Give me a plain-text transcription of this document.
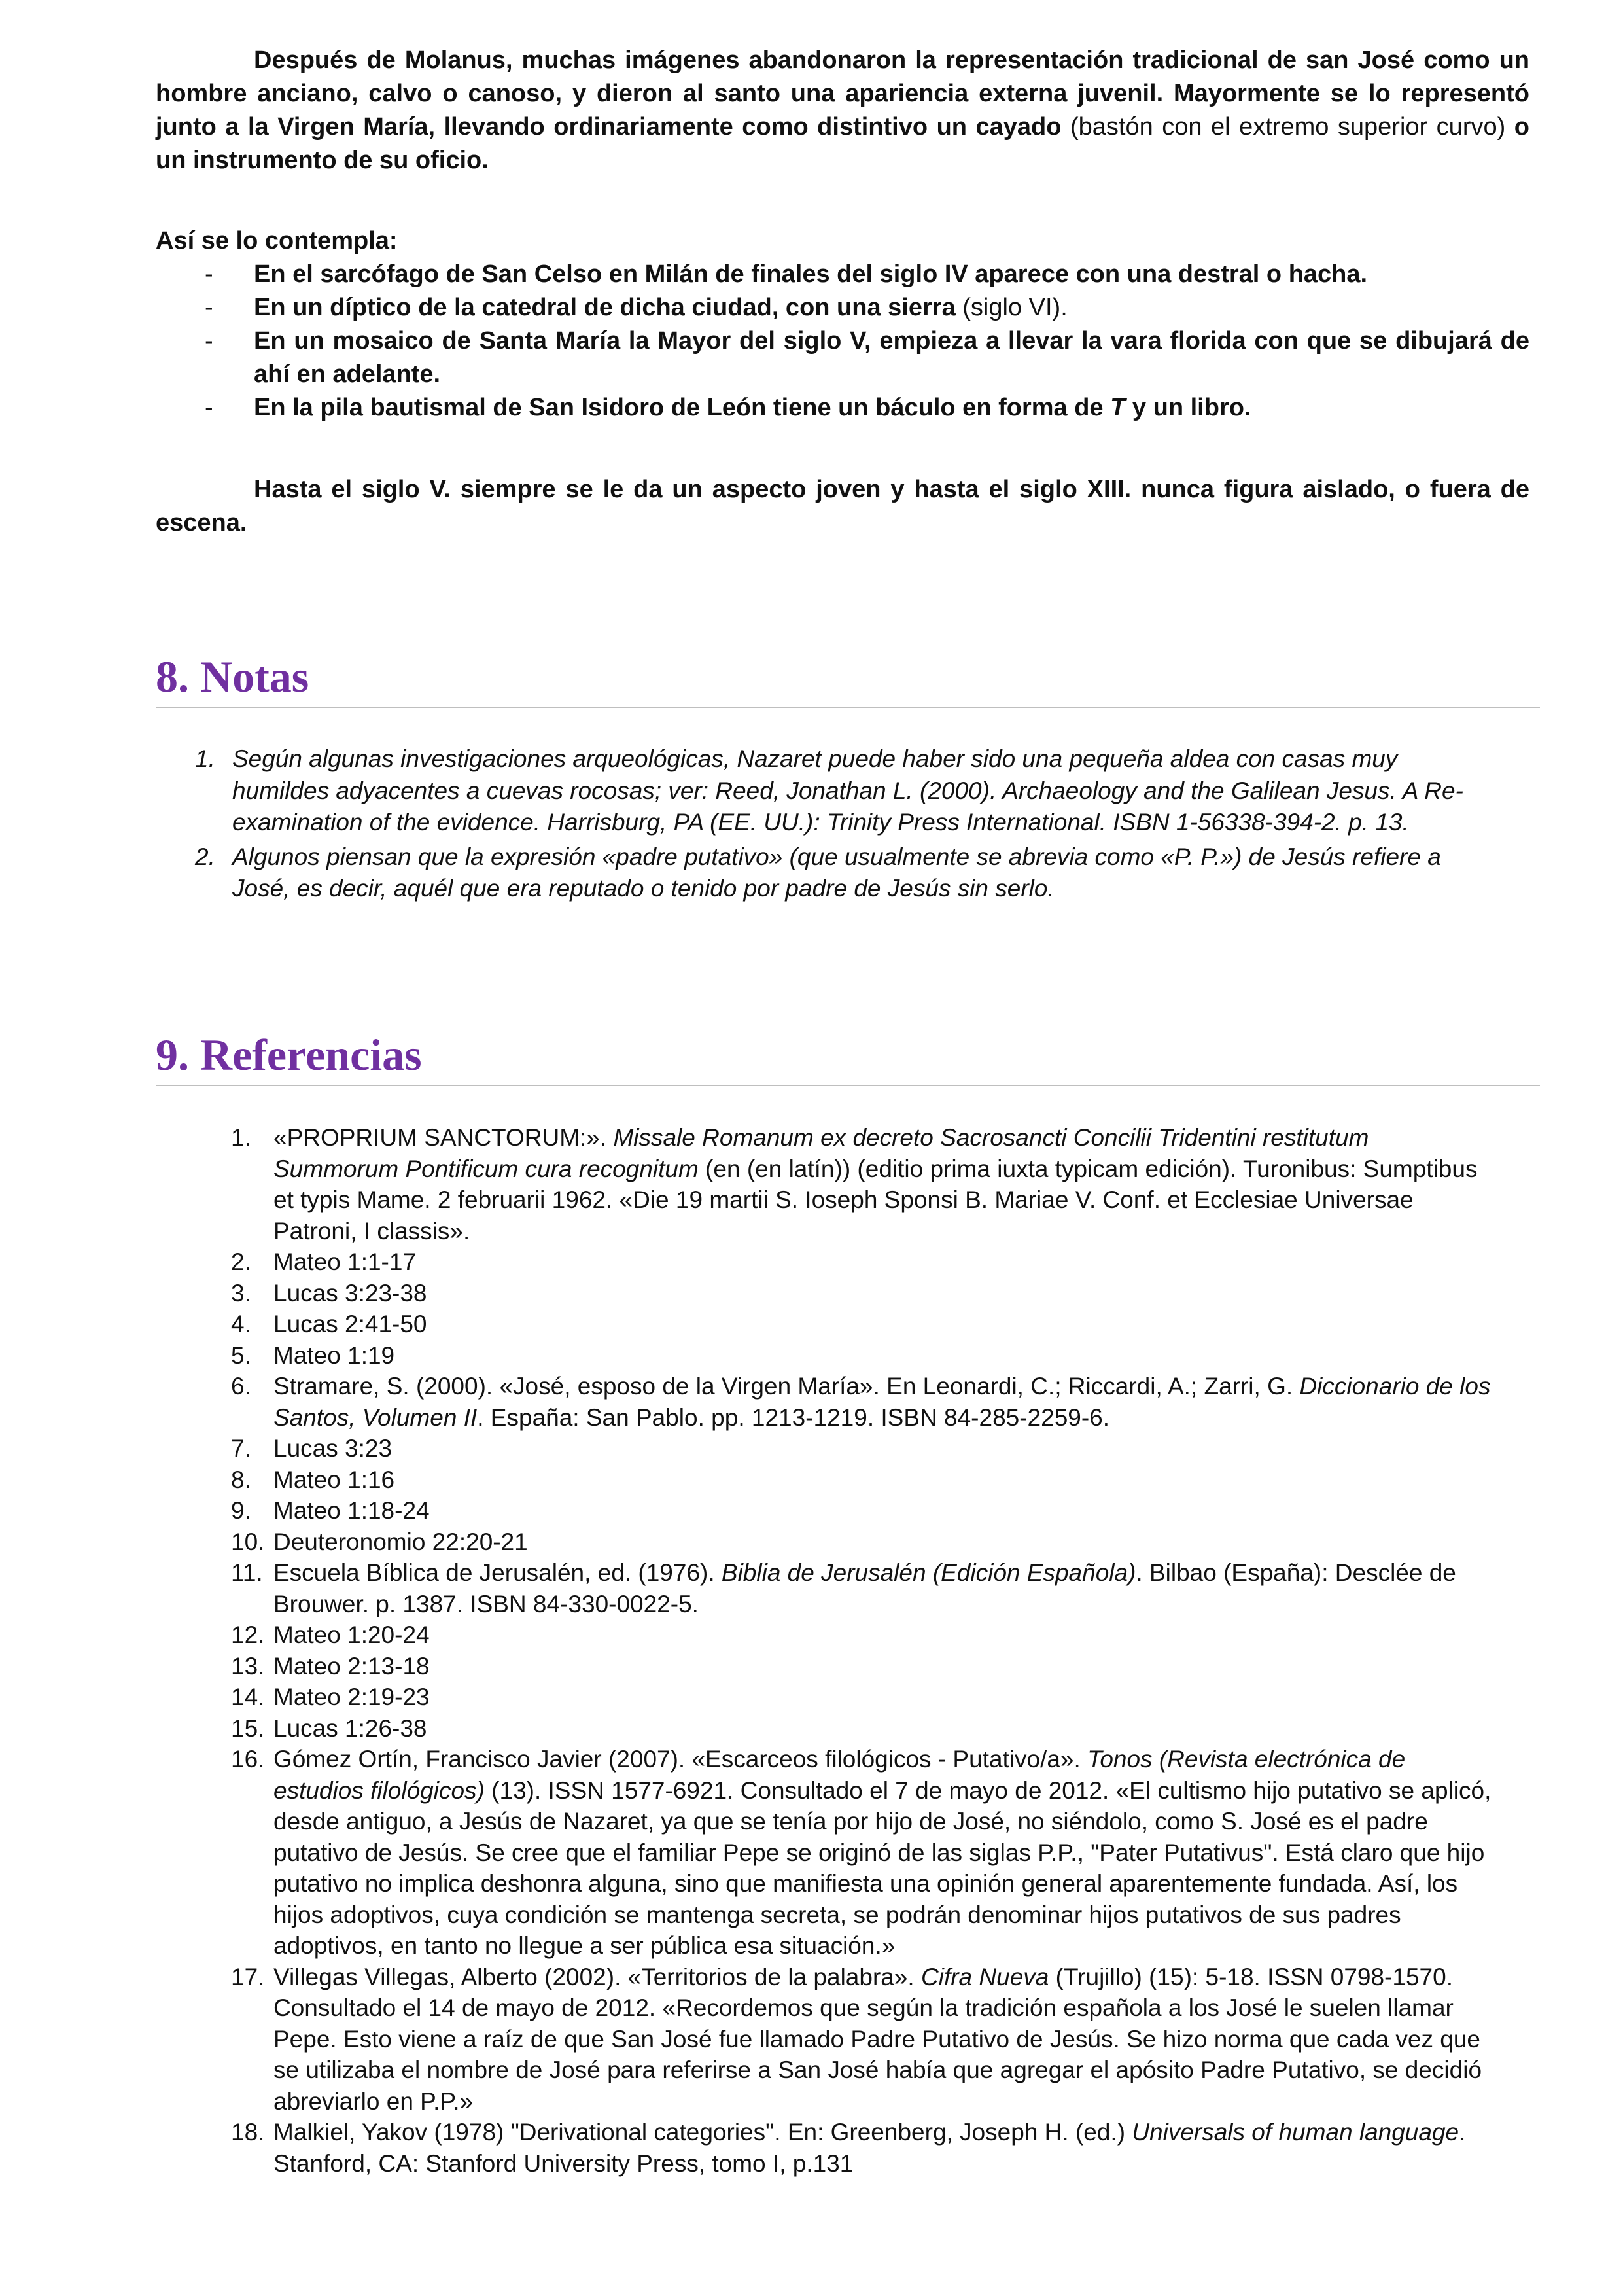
Después de Molanus, muchas imágenes abandonaron la representación tradicional de san José como un hombre anciano, calvo o canoso, y dieron al santo una apariencia externa juvenil. Mayormente se lo representó junto a la Virgen María, llevando ordinariamente como distintivo un cayado (bastón con el extremo superior curvo) o un instrumento de su oficio.

Así se lo contempla:

- En el sarcófago de San Celso en Milán de finales del siglo IV aparece con una destral o hacha.
- En un díptico de la catedral de dicha ciudad, con una sierra (siglo VI).
- En un mosaico de Santa María la Mayor del siglo V, empieza a llevar la vara florida con que se dibujará de ahí en adelante.
- En la pila bautismal de San Isidoro de León tiene un báculo en forma de T y un libro.

Hasta el siglo V. siempre se le da un aspecto joven y hasta el siglo XIII. nunca figura aislado, o fuera de escena.

8. Notas
1. Según algunas investigaciones arqueológicas, Nazaret puede haber sido una pequeña aldea con casas muy humildes adyacentes a cuevas rocosas; ver: Reed, Jonathan L. (2000). Archaeology and the Galilean Jesus. A Re-examination of the evidence. Harrisburg, PA (EE. UU.): Trinity Press International. ISBN 1-56338-394-2. p. 13.
2. Algunos piensan que la expresión «padre putativo» (que usualmente se abrevia como «P. P.») de Jesús refiere a José, es decir, aquél que era reputado o tenido por padre de Jesús sin serlo.
9. Referencias
1. «PROPRIUM SANCTORUM:». Missale Romanum ex decreto Sacrosancti Concilii Tridentini restitutum Summorum Pontificum cura recognitum (en (en latín)) (editio prima iuxta typicam edición). Turonibus: Sumptibus et typis Mame. 2 februarii 1962. «Die 19 martii S. Ioseph Sponsi B. Mariae V. Conf. et Ecclesiae Universae Patroni, I classis».
2. Mateo 1:1-17
3. Lucas 3:23-38
4. Lucas 2:41-50
5. Mateo 1:19
6. Stramare, S. (2000). «José, esposo de la Virgen María». En Leonardi, C.; Riccardi, A.; Zarri, G. Diccionario de los Santos, Volumen II. España: San Pablo. pp. 1213-1219. ISBN 84-285-2259-6.
7. Lucas 3:23
8. Mateo 1:16
9. Mateo 1:18-24
10. Deuteronomio 22:20-21
11. Escuela Bíblica de Jerusalén, ed. (1976). Biblia de Jerusalén (Edición Española). Bilbao (España): Desclée de Brouwer. p. 1387. ISBN 84-330-0022-5.
12. Mateo 1:20-24
13. Mateo 2:13-18
14. Mateo 2:19-23
15. Lucas 1:26-38
16. Gómez Ortín, Francisco Javier (2007). «Escarceos filológicos - Putativo/a». Tonos (Revista electrónica de estudios filológicos) (13). ISSN 1577-6921. Consultado el 7 de mayo de 2012. «El cultismo hijo putativo se aplicó, desde antiguo, a Jesús de Nazaret, ya que se tenía por hijo de José, no siéndolo, como S. José es el padre putativo de Jesús. Se cree que el familiar Pepe se originó de las siglas P.P., "Pater Putativus". Está claro que hijo putativo no implica deshonra alguna, sino que manifiesta una opinión general aparentemente fundada. Así, los hijos adoptivos, cuya condición se mantenga secreta, se podrán denominar hijos putativos de sus padres adoptivos, en tanto no llegue a ser pública esa situación.»
17. Villegas Villegas, Alberto (2002). «Territorios de la palabra». Cifra Nueva (Trujillo) (15): 5-18. ISSN 0798-1570. Consultado el 14 de mayo de 2012. «Recordemos que según la tradición española a los José le suelen llamar Pepe. Esto viene a raíz de que San José fue llamado Padre Putativo de Jesús. Se hizo norma que cada vez que se utilizaba el nombre de José para referirse a San José había que agregar el apósito Padre Putativo, se decidió abreviarlo en P.P.»
18. Malkiel, Yakov (1978) "Derivational categories". En: Greenberg, Joseph H. (ed.) Universals of human language. Stanford, CA: Stanford University Press, tomo I, p.131
